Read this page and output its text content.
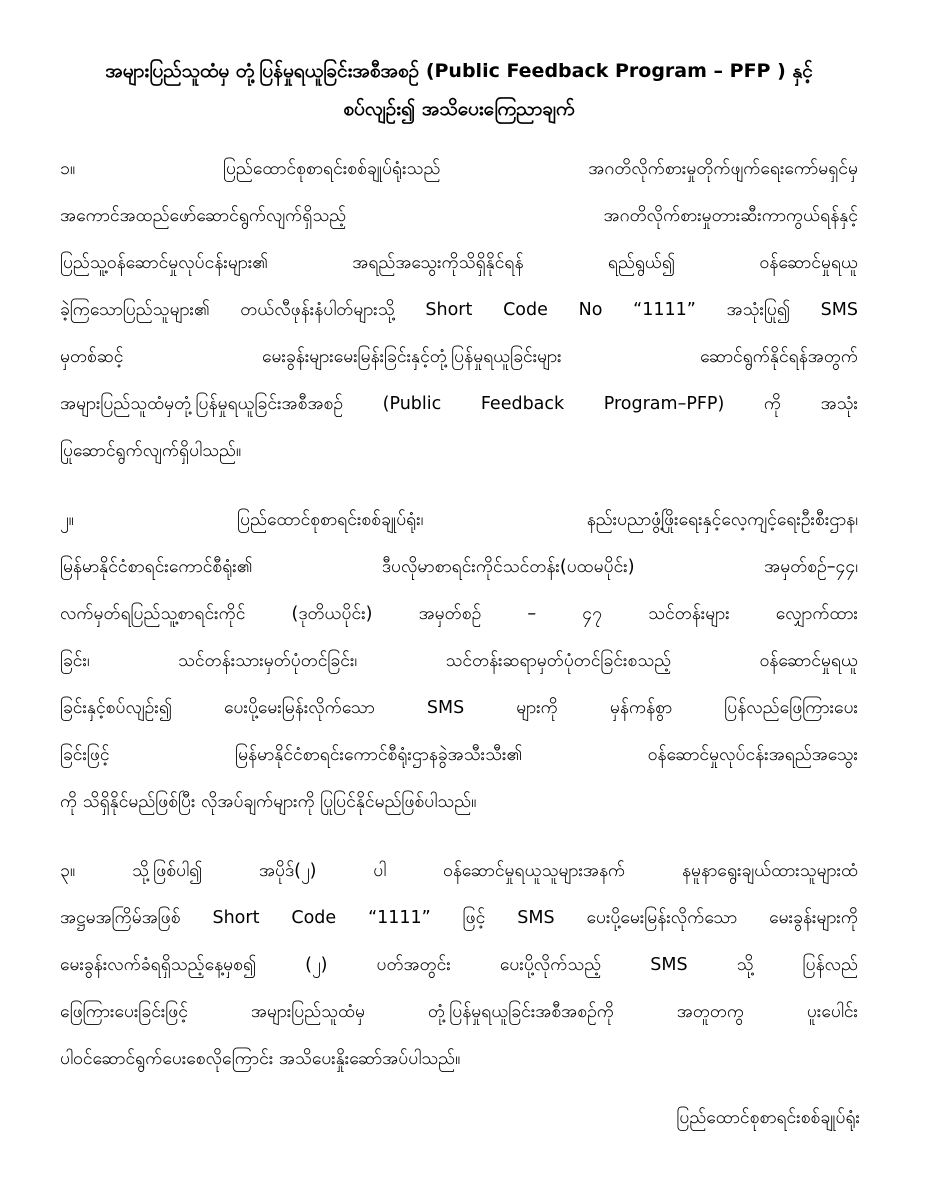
အများပြည်သူထံမှ တုံ့ပြန်မှုရယူခြင်းအစီအစဉ် (Public Feedback Program – PFP ) နှင့်
စပ်လျဉ်း၍ အသိပေးကြေညာချက်
၁။ ပြည်ထောင်စုစာရင်းစစ်ချုပ်ရုံးသည် အဂတိလိုက်စားမှုတိုက်ဖျက်ရေးကော်မရှင်မှ
အကောင်အထည်ဖော်ဆောင်ရွက်လျက်ရှိသည့် အဂတိလိုက်စားမှုတားဆီးကာကွယ်ရန်နှင့်
ပြည်သူ့ဝန်ဆောင်မှုလုပ်ငန်းများ၏ အရည်အသွေးကိုသိရှိနိုင်ရန် ရည်ရွယ်၍ ဝန်ဆောင်မှုရယူ
ခဲ့ကြသောပြည်သူများ၏ တယ်လီဖုန်းနံပါတ်များသို့ Short Code No “1111” အသုံးပြု၍ SMS
မှတစ်ဆင့် မေးခွန်းများမေးမြန်းခြင်းနှင့်တုံ့ပြန်မှုရယူခြင်းများ ဆောင်ရွက်နိုင်ရန်အတွက်
အများပြည်သူထံမှတုံ့ပြန်မှုရယူခြင်းအစီအစဉ် (Public Feedback Program–PFP) ကို အသုံး
ပြုဆောင်ရွက်လျက်ရှိပါသည်။
၂။ ပြည်ထောင်စုစာရင်းစစ်ချုပ်ရုံး၊ နည်းပညာဖွံ့ဖြိုးရေးနှင့်လေ့ကျင့်ရေးဦးစီးဌာန၊
မြန်မာနိုင်ငံစာရင်းကောင်စီရုံး၏ ဒီပလိုမာစာရင်းကိုင်သင်တန်း(ပထမပိုင်း) အမှတ်စဉ်–၄၄၊
လက်မှတ်ရပြည်သူ့စာရင်းကိုင် (ဒုတိယပိုင်း) အမှတ်စဉ် – ၄၇ သင်တန်းများ လျှောက်ထား
ခြင်း၊ သင်တန်းသားမှတ်ပုံတင်ခြင်း၊ သင်တန်းဆရာမှတ်ပုံတင်ခြင်းစသည့် ဝန်ဆောင်မှုရယူ
ခြင်းနှင့်စပ်လျဉ်း၍ ပေးပို့မေးမြန်းလိုက်သော SMS များကို မှန်ကန်စွာ ပြန်လည်ဖြေကြားပေး
ခြင်းဖြင့် မြန်မာနိုင်ငံစာရင်းကောင်စီရုံးဌာနခွဲအသီးသီး၏ ဝန်ဆောင်မှုလုပ်ငန်းအရည်အသွေး
ကို သိရှိနိုင်မည်ဖြစ်ပြီး လိုအပ်ချက်များကို ပြုပြင်နိုင်မည်ဖြစ်ပါသည်။
၃။ သို့ဖြစ်ပါ၍ အပိုဒ်(၂) ပါ ဝန်ဆောင်မှုရယူသူများအနက် နမူနာရွေးချယ်ထားသူများထံ
အဋ္ဌမအကြိမ်အဖြစ် Short Code “1111” ဖြင့် SMS ပေးပို့မေးမြန်းလိုက်သော မေးခွန်းများကို
မေးခွန်းလက်ခံရရှိသည့်နေ့မှစ၍ (၂) ပတ်အတွင်း ပေးပို့လိုက်သည့် SMS သို့ ပြန်လည်
ဖြေကြားပေးခြင်းဖြင့် အများပြည်သူထံမှ တုံ့ပြန်မှုရယူခြင်းအစီအစဉ်ကို အတူတကွ ပူးပေါင်း
ပါဝင်ဆောင်ရွက်ပေးစေလိုကြောင်း အသိပေးနှိုးဆော်အပ်ပါသည်။
ပြည်ထောင်စုစာရင်းစစ်ချုပ်ရုံး
